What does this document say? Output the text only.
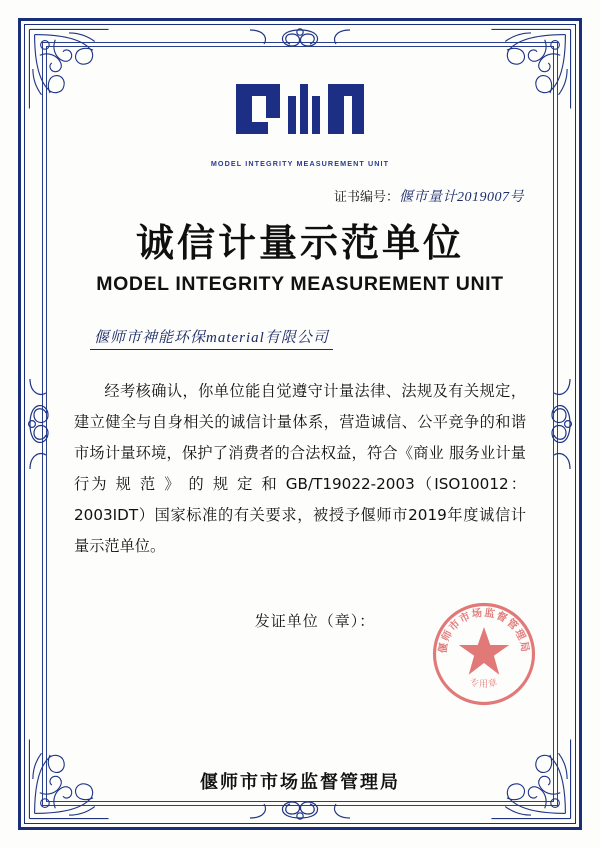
MODEL INTEGRITY MEASUREMENT UNIT
证书编号：偃市量计2019007号
诚信计量示范单位
MODEL INTEGRITY MEASUREMENT UNIT
偃师市神能环保material有限公司

经考核确认，你单位能自觉遵守计量法律、法规及有关规定，建立健全与自身相关的诚信计量体系，营造诚信、公平竞争的和谐市场计量环境，保护了消费者的合法权益，符合《商业 服务业计量行为 规 范 》 的 规 定 和 GB/T19022-2003（ISO10012：2003IDT）国家标准的有关要求，被授予偃师市2019年度诚信计量示范单位。

发证单位（章）：
偃师市市场监督管理局
专用章
偃师市市场监督管理局
